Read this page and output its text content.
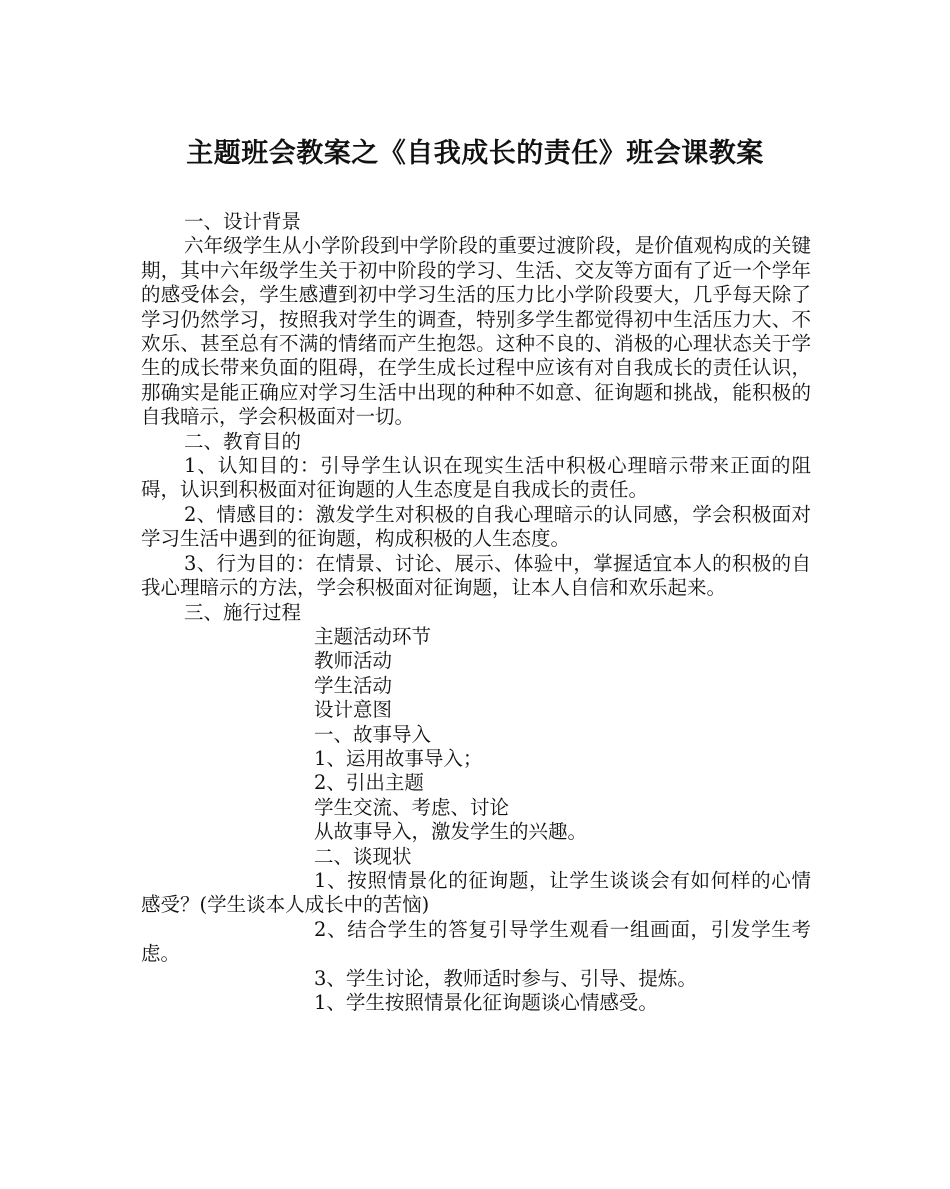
主题班会教案之《自我成长的责任》班会课教案

一、设计背景

六年级学生从小学阶段到中学阶段的重要过渡阶段，是价值观构成的关键期，其中六年级学生关于初中阶段的学习、生活、交友等方面有了近一个学年的感受体会，学生感遭到初中学习生活的压力比小学阶段要大，几乎每天除了学习仍然学习，按照我对学生的调查，特别多学生都觉得初中生活压力大、不欢乐、甚至总有不满的情绪而产生抱怨。这种不良的、消极的心理状态关于学生的成长带来负面的阻碍，在学生成长过程中应该有对自我成长的责任认识，那确实是能正确应对学习生活中出现的种种不如意、征询题和挑战，能积极的自我暗示，学会积极面对一切。

二、教育目的

1、认知目的：引导学生认识在现实生活中积极心理暗示带来正面的阻碍，认识到积极面对征询题的人生态度是自我成长的责任。

2、情感目的：激发学生对积极的自我心理暗示的认同感，学会积极面对学习生活中遇到的征询题，构成积极的人生态度。

3、行为目的：在情景、讨论、展示、体验中，掌握适宜本人的积极的自我心理暗示的方法，学会积极面对征询题，让本人自信和欢乐起来。

三、施行过程

主题活动环节

教师活动

学生活动

设计意图

一、故事导入

1、运用故事导入；

2、引出主题

学生交流、考虑、讨论

从故事导入，激发学生的兴趣。

二、谈现状

1、按照情景化的征询题，让学生谈谈会有如何样的心情感受？(学生谈本人成长中的苦恼)

2、结合学生的答复引导学生观看一组画面，引发学生考虑。

3、学生讨论，教师适时参与、引导、提炼。

1、学生按照情景化征询题谈心情感受。
